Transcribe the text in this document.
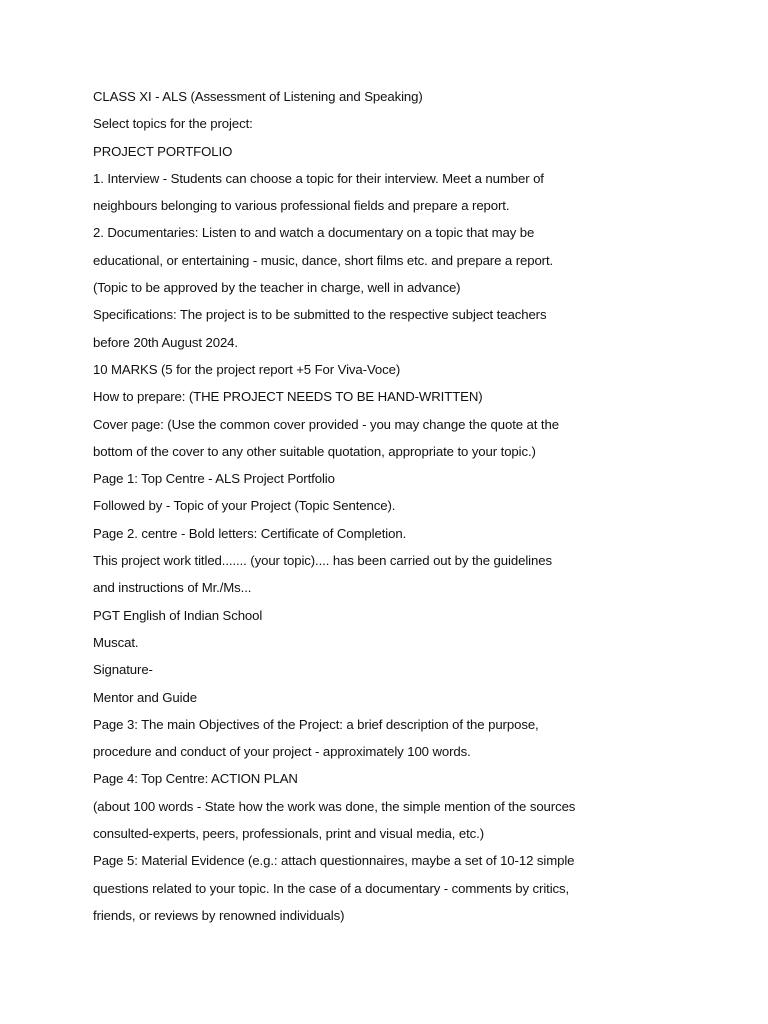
CLASS XI - ALS (Assessment of Listening and Speaking)
Select topics for the project:
PROJECT PORTFOLIO
1. Interview - Students can choose a topic for their interview. Meet a number of
neighbours belonging to various professional fields and prepare a report.
2. Documentaries: Listen to and watch a documentary on a topic that may be
educational, or entertaining - music, dance, short films etc. and prepare a report.
(Topic to be approved by the teacher in charge, well in advance)
Specifications: The project is to be submitted to the respective subject teachers
before 20th August 2024.
10 MARKS (5 for the project report +5 For Viva-Voce)
How to prepare: (THE PROJECT NEEDS TO BE HAND-WRITTEN)
Cover page: (Use the common cover provided - you may change the quote at the
bottom of the cover to any other suitable quotation, appropriate to your topic.)
Page 1: Top Centre - ALS Project Portfolio
Followed by - Topic of your Project (Topic Sentence).
Page 2. centre - Bold letters: Certificate of Completion.
This project work titled....... (your topic).... has been carried out by the guidelines
and instructions of Mr./Ms...
PGT English of Indian School
Muscat.
Signature-
Mentor and Guide
Page 3: The main Objectives of the Project: a brief description of the purpose,
procedure and conduct of your project - approximately 100 words.
Page 4: Top Centre: ACTION PLAN
(about 100 words - State how the work was done, the simple mention of the sources
consulted-experts, peers, professionals, print and visual media, etc.)
Page 5: Material Evidence (e.g.: attach questionnaires, maybe a set of 10-12 simple
questions related to your topic. In the case of a documentary - comments by critics,
friends, or reviews by renowned individuals)
